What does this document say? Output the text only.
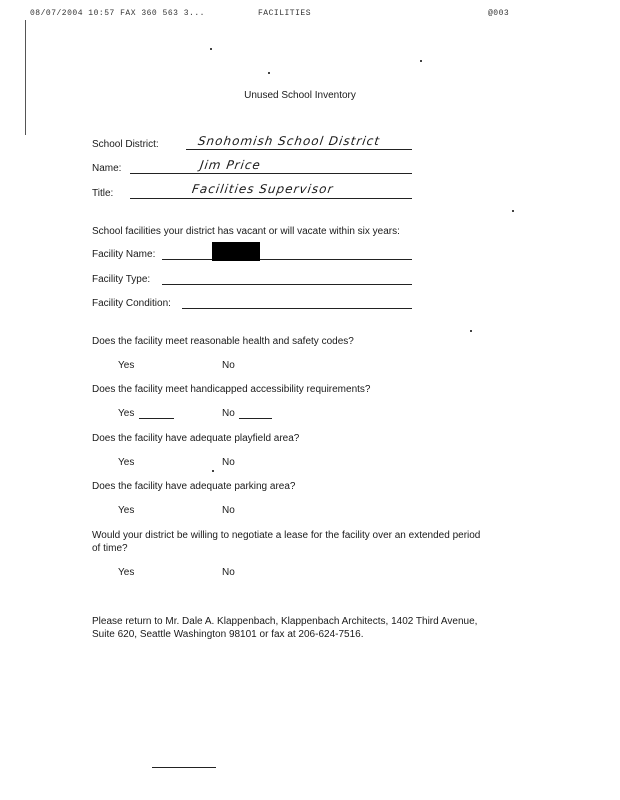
08/07/2004 10:57 FAX 360 563 3...	FACILITIES	@003
Unused School Inventory
School District:	Snohomish School District
Name:	Jim Price
Title:	Facilities Supervisor
School facilities your district has vacant or will vacate within six years:
Facility Name:
Facility Type:
Facility Condition:
Does the facility meet reasonable health and safety codes?
Yes	No
Does the facility meet handicapped accessibility requirements?
Yes	No
Does the facility have adequate playfield area?
Yes	No
Does the facility have adequate parking area?
Yes	No
Would your district be willing to negotiate a lease for the facility over an extended period
of time?
Yes	No
Please return to Mr. Dale A. Klappenbach, Klappenbach Architects, 1402 Third Avenue,
Suite 620, Seattle Washington 98101 or fax at 206-624-7516.
